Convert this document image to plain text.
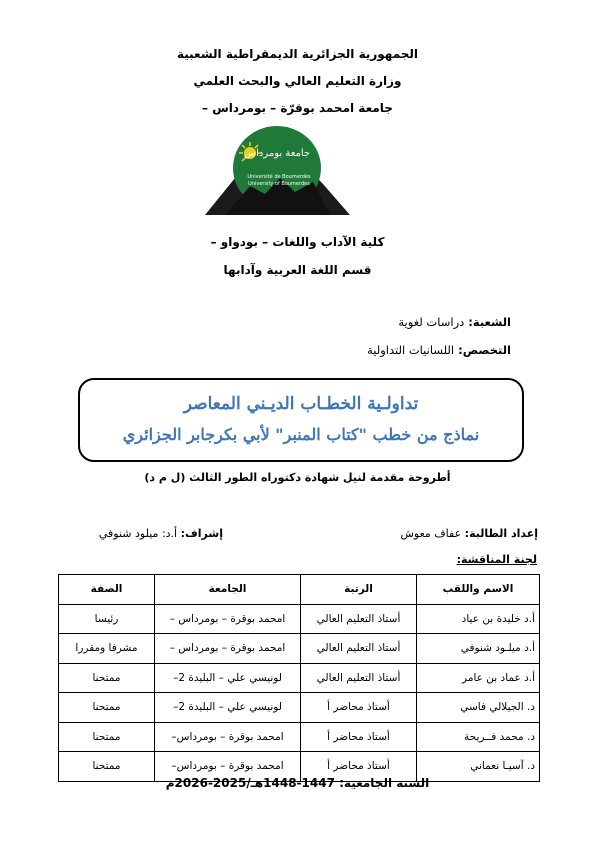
الجمهورية الجزائرية الديمقراطية الشعبية
وزارة التعليم العالي والبحث العلمي
جامعة امحمد بوقرّة – بومرداس –
جامعة بومرداس
Université de Boumerdès
University of Boumerdes
كلية الآداب واللغات – بودواو –
قسم اللغة العربية وآدابها
الشعبة: دراسات لغوية
التخصص: اللسانيات التداولية
تداولـية الخطـاب الديـني المعاصر
نماذج من خطب "كتاب المنبر" لأبي بكرجابر الجزائري
أطروحة مقدمة لنيل شهادة دكتوراه الطور الثالث (ل م د)
إعداد الطالبة: عفاف معوش
إشراف: أ.د: ميلود شنوفي
لجنة المناقشة:
الاسم واللقب	الرتبة	الجامعة	الصفة
أ.د خليدة بن عياد	أستاذ التعليم العالي	امحمد بوقرة – بومرداس –	رئيسا
أ.د ميلـود شنوفي	أستاذ التعليم العالي	امحمد بوقرة – بومرداس –	مشرفا ومقررا
أ.د عماد بن عامر	أستاذ التعليم العالي	لونيسي علي – البليدة 2–	ممتحنا
د. الجيلالي فاسي	أستاذ محاضر أ	لونيسي علي – البليدة 2–	ممتحنا
د. محمد فــريحة	أستاذ محاضر أ	امحمد بوقرة – بومرداس–	ممتحنا
د. آسيـا نعماني	أستاذ محاضر أ	امحمد بوقرة – بومرداس–	ممتحنا
السنة الجامعية: 1447-1448هـ/2025-2026م
